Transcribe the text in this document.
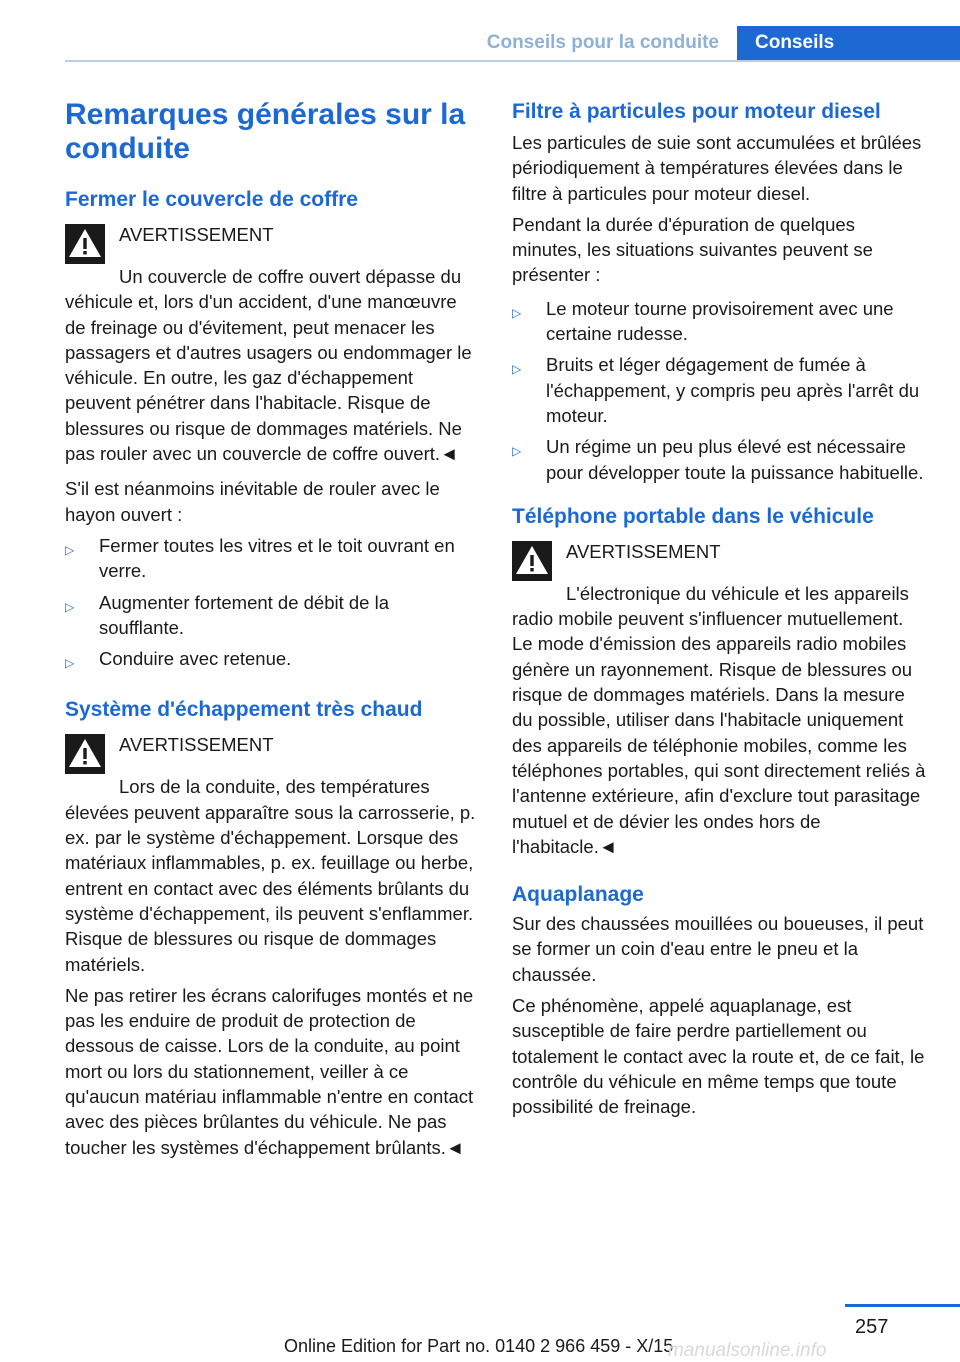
Conseils pour la conduite	Conseils
Remarques générales sur la conduite
Fermer le couvercle de coffre

AVERTISSEMENT

Un couvercle de coffre ouvert dépasse du véhicule et, lors d'un accident, d'une manœuvre de freinage ou d'évitement, peut menacer les passagers et d'autres usagers ou endommager le véhicule. En outre, les gaz d'échappement peuvent pénétrer dans l'habitacle. Risque de blessures ou risque de dommages matériels. Ne pas rouler avec un couvercle de coffre ouvert.◄

S'il est néanmoins inévitable de rouler avec le hayon ouvert :

▷	Fermer toutes les vitres et le toit ouvrant en verre.
▷	Augmenter fortement de débit de la soufflante.
▷	Conduire avec retenue.
Système d'échappement très chaud

AVERTISSEMENT

Lors de la conduite, des températures élevées peuvent apparaître sous la carrosserie, p. ex. par le système d'échappement. Lorsque des matériaux inflammables, p. ex. feuillage ou herbe, entrent en contact avec des éléments brûlants du système d'échappement, ils peuvent s'enflammer. Risque de blessures ou risque de dommages matériels.

Ne pas retirer les écrans calorifuges montés et ne pas les enduire de produit de protection de dessous de caisse. Lors de la conduite, au point mort ou lors du stationnement, veiller à ce qu'aucun matériau inflammable n'entre en contact avec des pièces brûlantes du véhicule. Ne pas toucher les systèmes d'échappement brûlants.◄

Filtre à particules pour moteur diesel

Les particules de suie sont accumulées et brûlées périodiquement à températures élevées dans le filtre à particules pour moteur diesel.

Pendant la durée d'épuration de quelques minutes, les situations suivantes peuvent se présenter :

▷	Le moteur tourne provisoirement avec une certaine rudesse.
▷	Bruits et léger dégagement de fumée à l'échappement, y compris peu après l'arrêt du moteur.
▷	Un régime un peu plus élevé est nécessaire pour développer toute la puissance habituelle.
Téléphone portable dans le véhicule

AVERTISSEMENT

L'électronique du véhicule et les appareils radio mobile peuvent s'influencer mutuellement. Le mode d'émission des appareils radio mobiles génère un rayonnement. Risque de blessures ou risque de dommages matériels. Dans la mesure du possible, utiliser dans l'habitacle uniquement des appareils de téléphonie mobiles, comme les téléphones portables, qui sont directement reliés à l'antenne extérieure, afin d'exclure tout parasitage mutuel et de dévier les ondes hors de l'habitacle.◄

Aquaplanage

Sur des chaussées mouillées ou boueuses, il peut se former un coin d'eau entre le pneu et la chaussée.

Ce phénomène, appelé aquaplanage, est susceptible de faire perdre partiellement ou totalement le contact avec la route et, de ce fait, le contrôle du véhicule en même temps que toute possibilité de freinage.

257
Online Edition for Part no. 0140 2 966 459 - X/15
manualsonline.info
